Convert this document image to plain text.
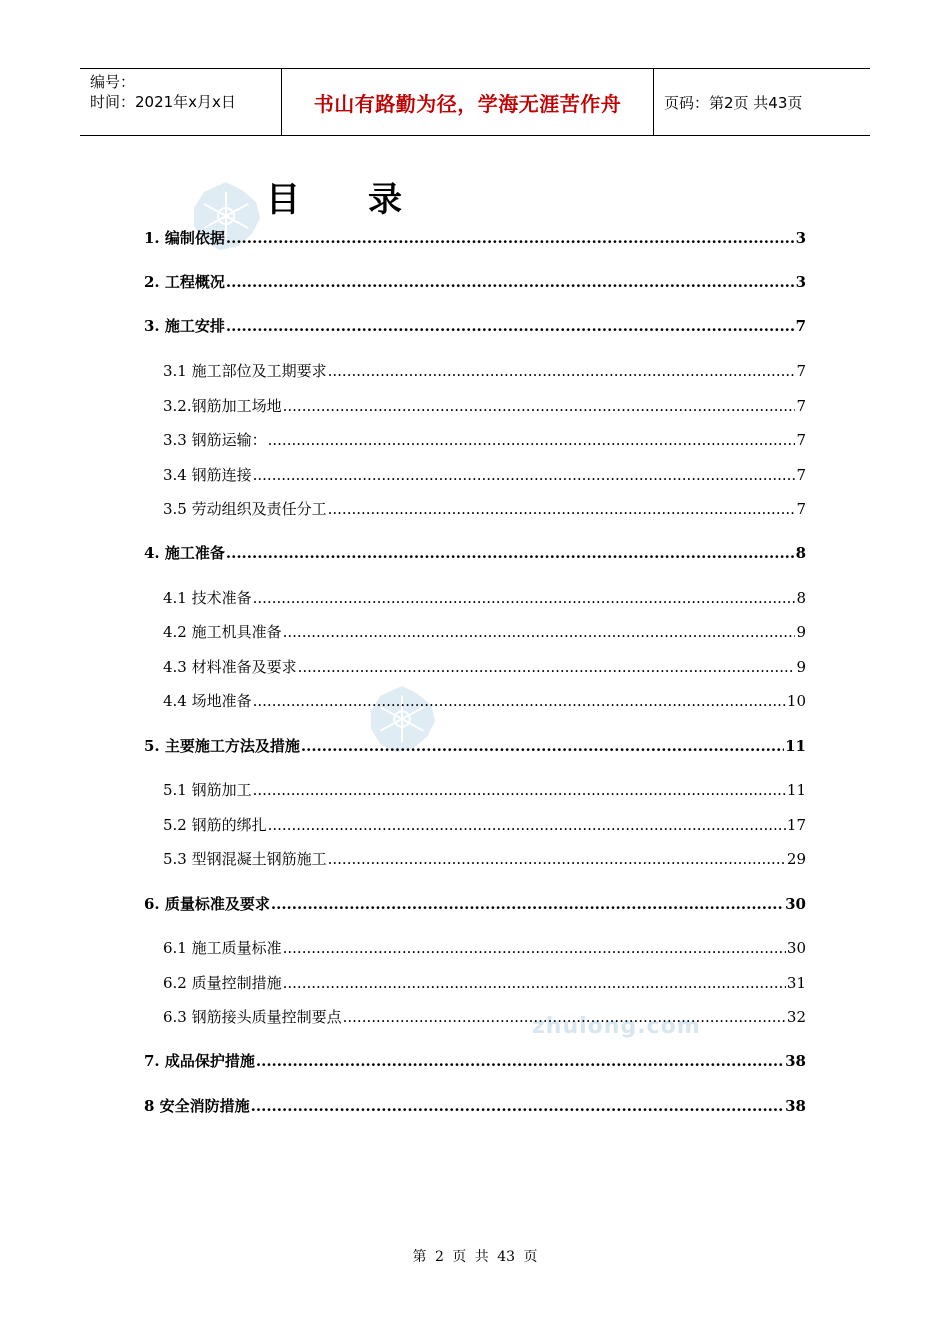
编号：
时间：2021年x月x日	书山有路勤为径，学海无涯苦作舟	页码：第2页 共43页
zhulong.com
目 录
1. 编制依据 .....	3
2. 工程概况 .....	3
3. 施工安排 .....	7
3.1 施工部位及工期要求 .....	7
3.2.钢筋加工场地 .....	7
3.3 钢筋运输： .....	7
3.4 钢筋连接 .....	7
3.5 劳动组织及责任分工 .....	7
4. 施工准备 .....	8
4.1 技术准备 .....	8
4.2 施工机具准备 .....	9
4.3 材料准备及要求 .....	9
4.4 场地准备 .....	10
5. 主要施工方法及措施 .....	11
5.1 钢筋加工 .....	11
5.2 钢筋的绑扎 .....	17
5.3 型钢混凝土钢筋施工 .....	29
6. 质量标准及要求 .....	30
6.1 施工质量标准 .....	30
6.2 质量控制措施 .....	31
6.3 钢筋接头质量控制要点 .....	32
7. 成品保护措施 .....	38
8 安全消防措施 .....	38
第 2 页 共 43 页
